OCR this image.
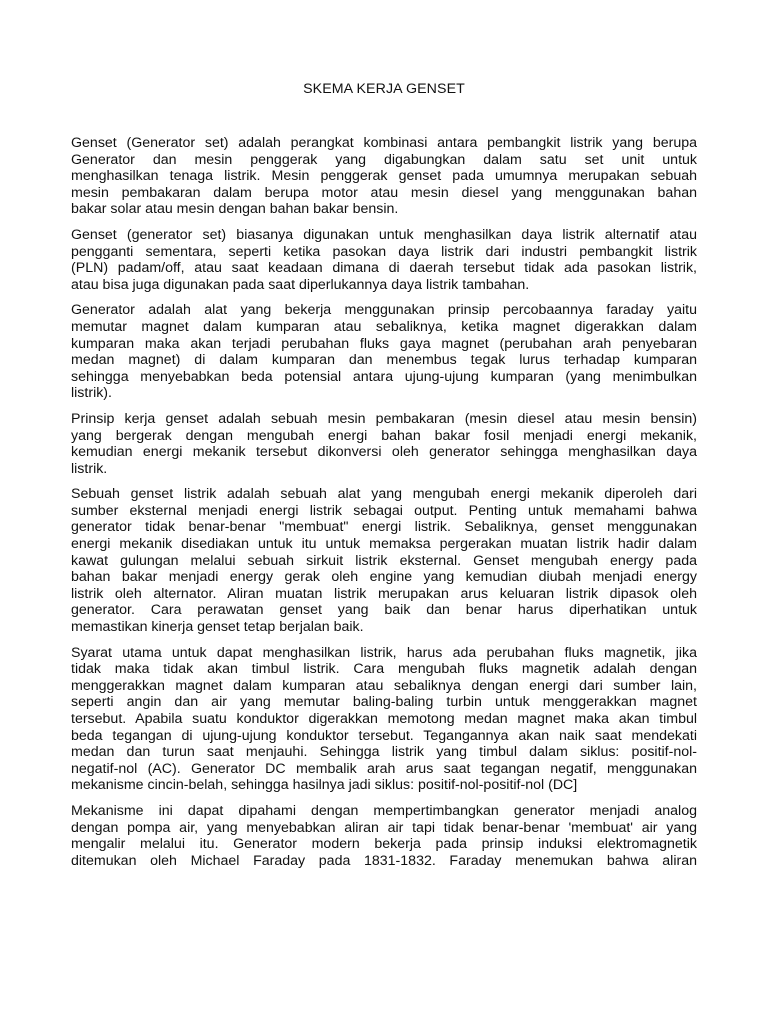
SKEMA KERJA GENSET
Genset (Generator set) adalah perangkat kombinasi antara pembangkit listrik yang berupa
Generator dan mesin penggerak yang digabungkan dalam satu set unit untuk
menghasilkan tenaga listrik. Mesin penggerak genset pada umumnya merupakan sebuah
mesin pembakaran dalam berupa motor atau mesin diesel yang menggunakan bahan
bakar solar atau mesin dengan bahan bakar bensin.
Genset (generator set) biasanya digunakan untuk menghasilkan daya listrik alternatif atau
pengganti sementara, seperti ketika pasokan daya listrik dari industri pembangkit listrik
(PLN) padam/off, atau saat keadaan dimana di daerah tersebut tidak ada pasokan listrik,
atau bisa juga digunakan pada saat diperlukannya daya listrik tambahan.
Generator adalah alat yang bekerja menggunakan prinsip percobaannya faraday yaitu
memutar magnet dalam kumparan atau sebaliknya, ketika magnet digerakkan dalam
kumparan maka akan terjadi perubahan fluks gaya magnet (perubahan arah penyebaran
medan magnet) di dalam kumparan dan menembus tegak lurus terhadap kumparan
sehingga menyebabkan beda potensial antara ujung-ujung kumparan (yang menimbulkan
listrik).
Prinsip kerja genset adalah sebuah mesin pembakaran (mesin diesel atau mesin bensin)
yang bergerak dengan mengubah energi bahan bakar fosil menjadi energi mekanik,
kemudian energi mekanik tersebut dikonversi oleh generator sehingga menghasilkan daya
listrik.
Sebuah genset listrik adalah sebuah alat yang mengubah energi mekanik diperoleh dari
sumber eksternal menjadi energi listrik sebagai output. Penting untuk memahami bahwa
generator tidak benar-benar "membuat" energi listrik. Sebaliknya, genset menggunakan
energi mekanik disediakan untuk itu untuk memaksa pergerakan muatan listrik hadir dalam
kawat gulungan melalui sebuah sirkuit listrik eksternal. Genset mengubah energy pada
bahan bakar menjadi energy gerak oleh engine yang kemudian diubah menjadi energy
listrik oleh alternator. Aliran muatan listrik merupakan arus keluaran listrik dipasok oleh
generator. Cara perawatan genset yang baik dan benar harus diperhatikan untuk
memastikan kinerja genset tetap berjalan baik.
Syarat utama untuk dapat menghasilkan listrik, harus ada perubahan fluks magnetik, jika
tidak maka tidak akan timbul listrik. Cara mengubah fluks magnetik adalah dengan
menggerakkan magnet dalam kumparan atau sebaliknya dengan energi dari sumber lain,
seperti angin dan air yang memutar baling-baling turbin untuk menggerakkan magnet
tersebut. Apabila suatu konduktor digerakkan memotong medan magnet maka akan timbul
beda tegangan di ujung-ujung konduktor tersebut. Tegangannya akan naik saat mendekati
medan dan turun saat menjauhi. Sehingga listrik yang timbul dalam siklus: positif-nol-
negatif-nol (AC). Generator DC membalik arah arus saat tegangan negatif, menggunakan
mekanisme cincin-belah, sehingga hasilnya jadi siklus: positif-nol-positif-nol (DC]
Mekanisme ini dapat dipahami dengan mempertimbangkan generator menjadi analog
dengan pompa air, yang menyebabkan aliran air tapi tidak benar-benar 'membuat' air yang
mengalir melalui itu. Generator modern bekerja pada prinsip induksi elektromagnetik
ditemukan oleh Michael Faraday pada 1831-1832. Faraday menemukan bahwa aliran
